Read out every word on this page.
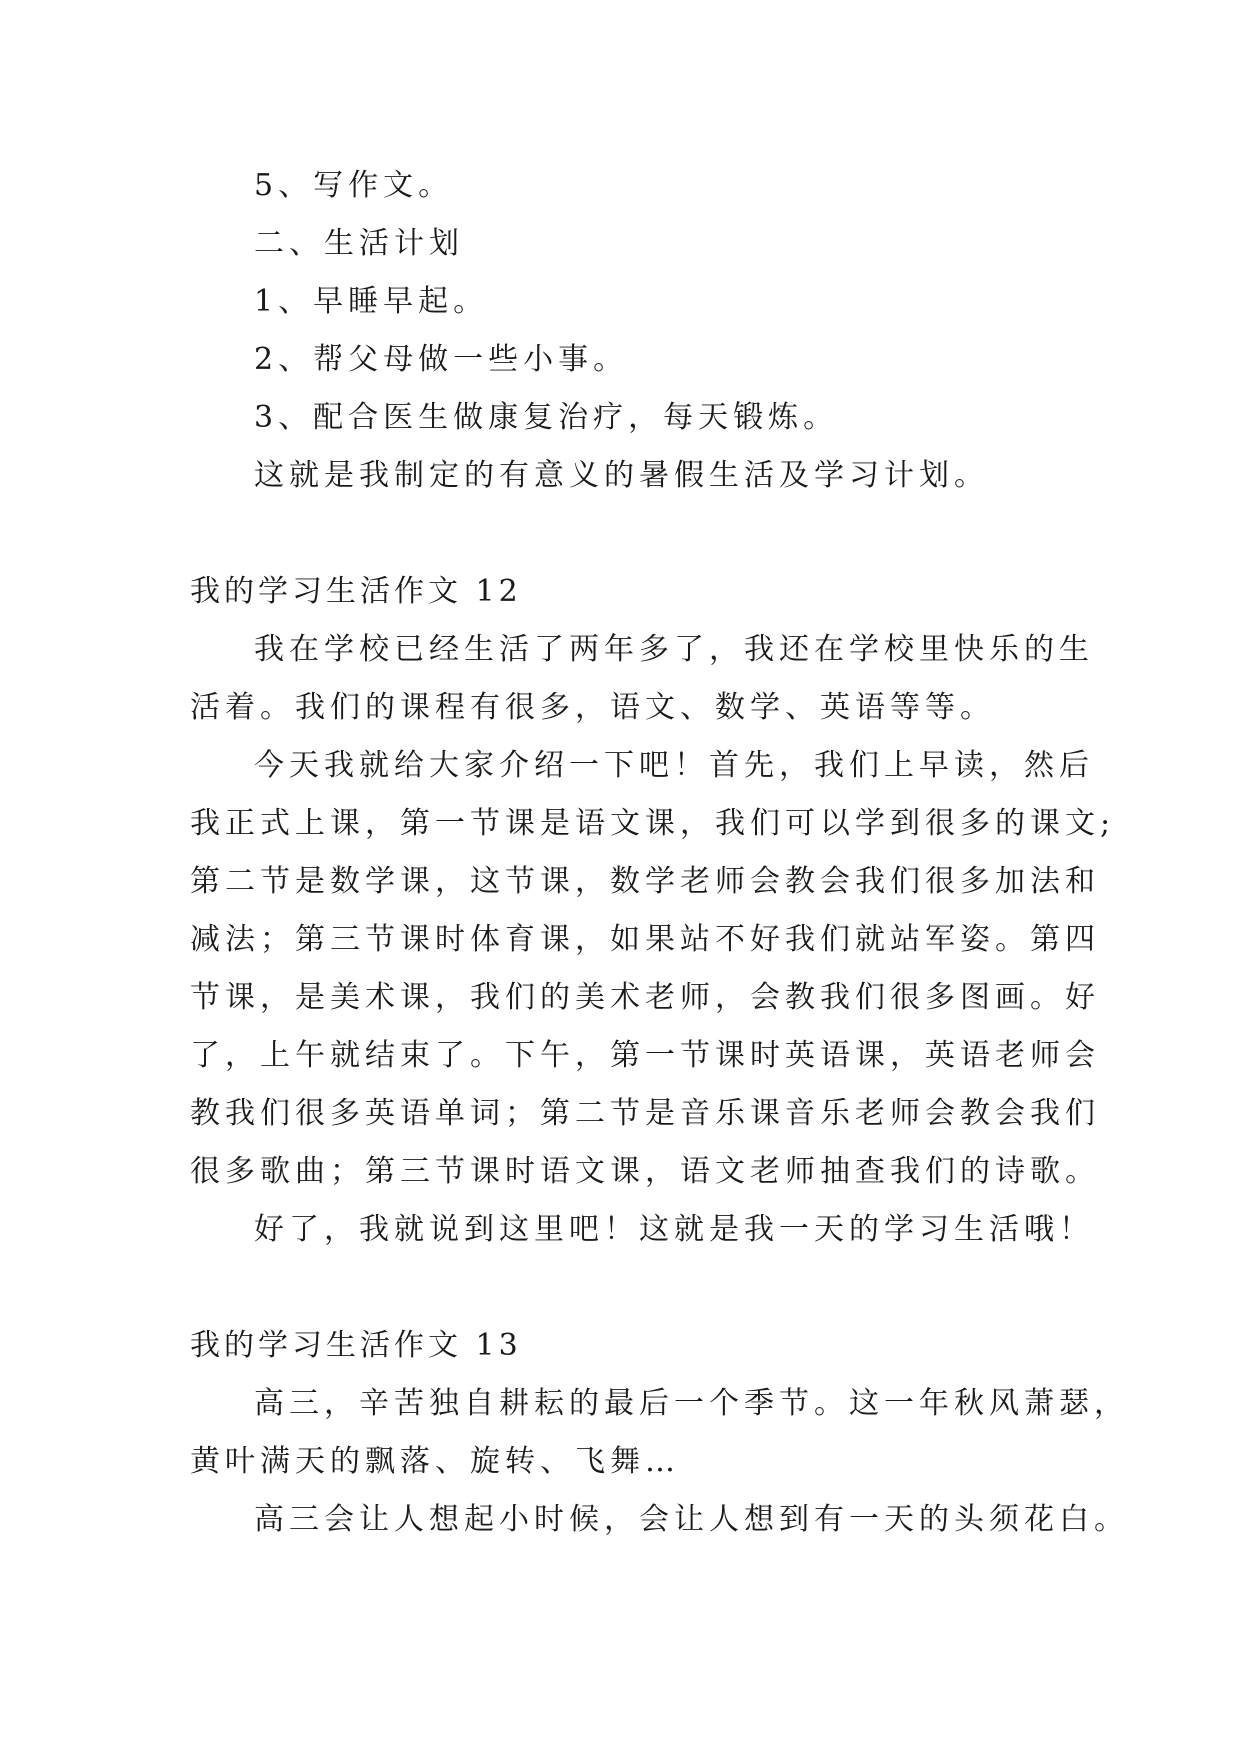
5、写作文。
二、生活计划
1、早睡早起。
2、帮父母做一些小事。
3、配合医生做康复治疗，每天锻炼。
这就是我制定的有意义的暑假生活及学习计划。
我的学习生活作文 12
我在学校已经生活了两年多了，我还在学校里快乐的生
活着。我们的课程有很多，语文、数学、英语等等。
今天我就给大家介绍一下吧！首先，我们上早读，然后
我正式上课，第一节课是语文课，我们可以学到很多的课文;
第二节是数学课，这节课，数学老师会教会我们很多加法和
减法；第三节课时体育课，如果站不好我们就站军姿。第四
节课，是美术课，我们的美术老师，会教我们很多图画。好
了，上午就结束了。下午，第一节课时英语课，英语老师会
教我们很多英语单词；第二节是音乐课音乐老师会教会我们
很多歌曲；第三节课时语文课，语文老师抽查我们的诗歌。
好了，我就说到这里吧！这就是我一天的学习生活哦！
我的学习生活作文 13
高三，辛苦独自耕耘的最后一个季节。这一年秋风萧瑟，
黄叶满天的飘落、旋转、飞舞…
高三会让人想起小时候，会让人想到有一天的头须花白。
